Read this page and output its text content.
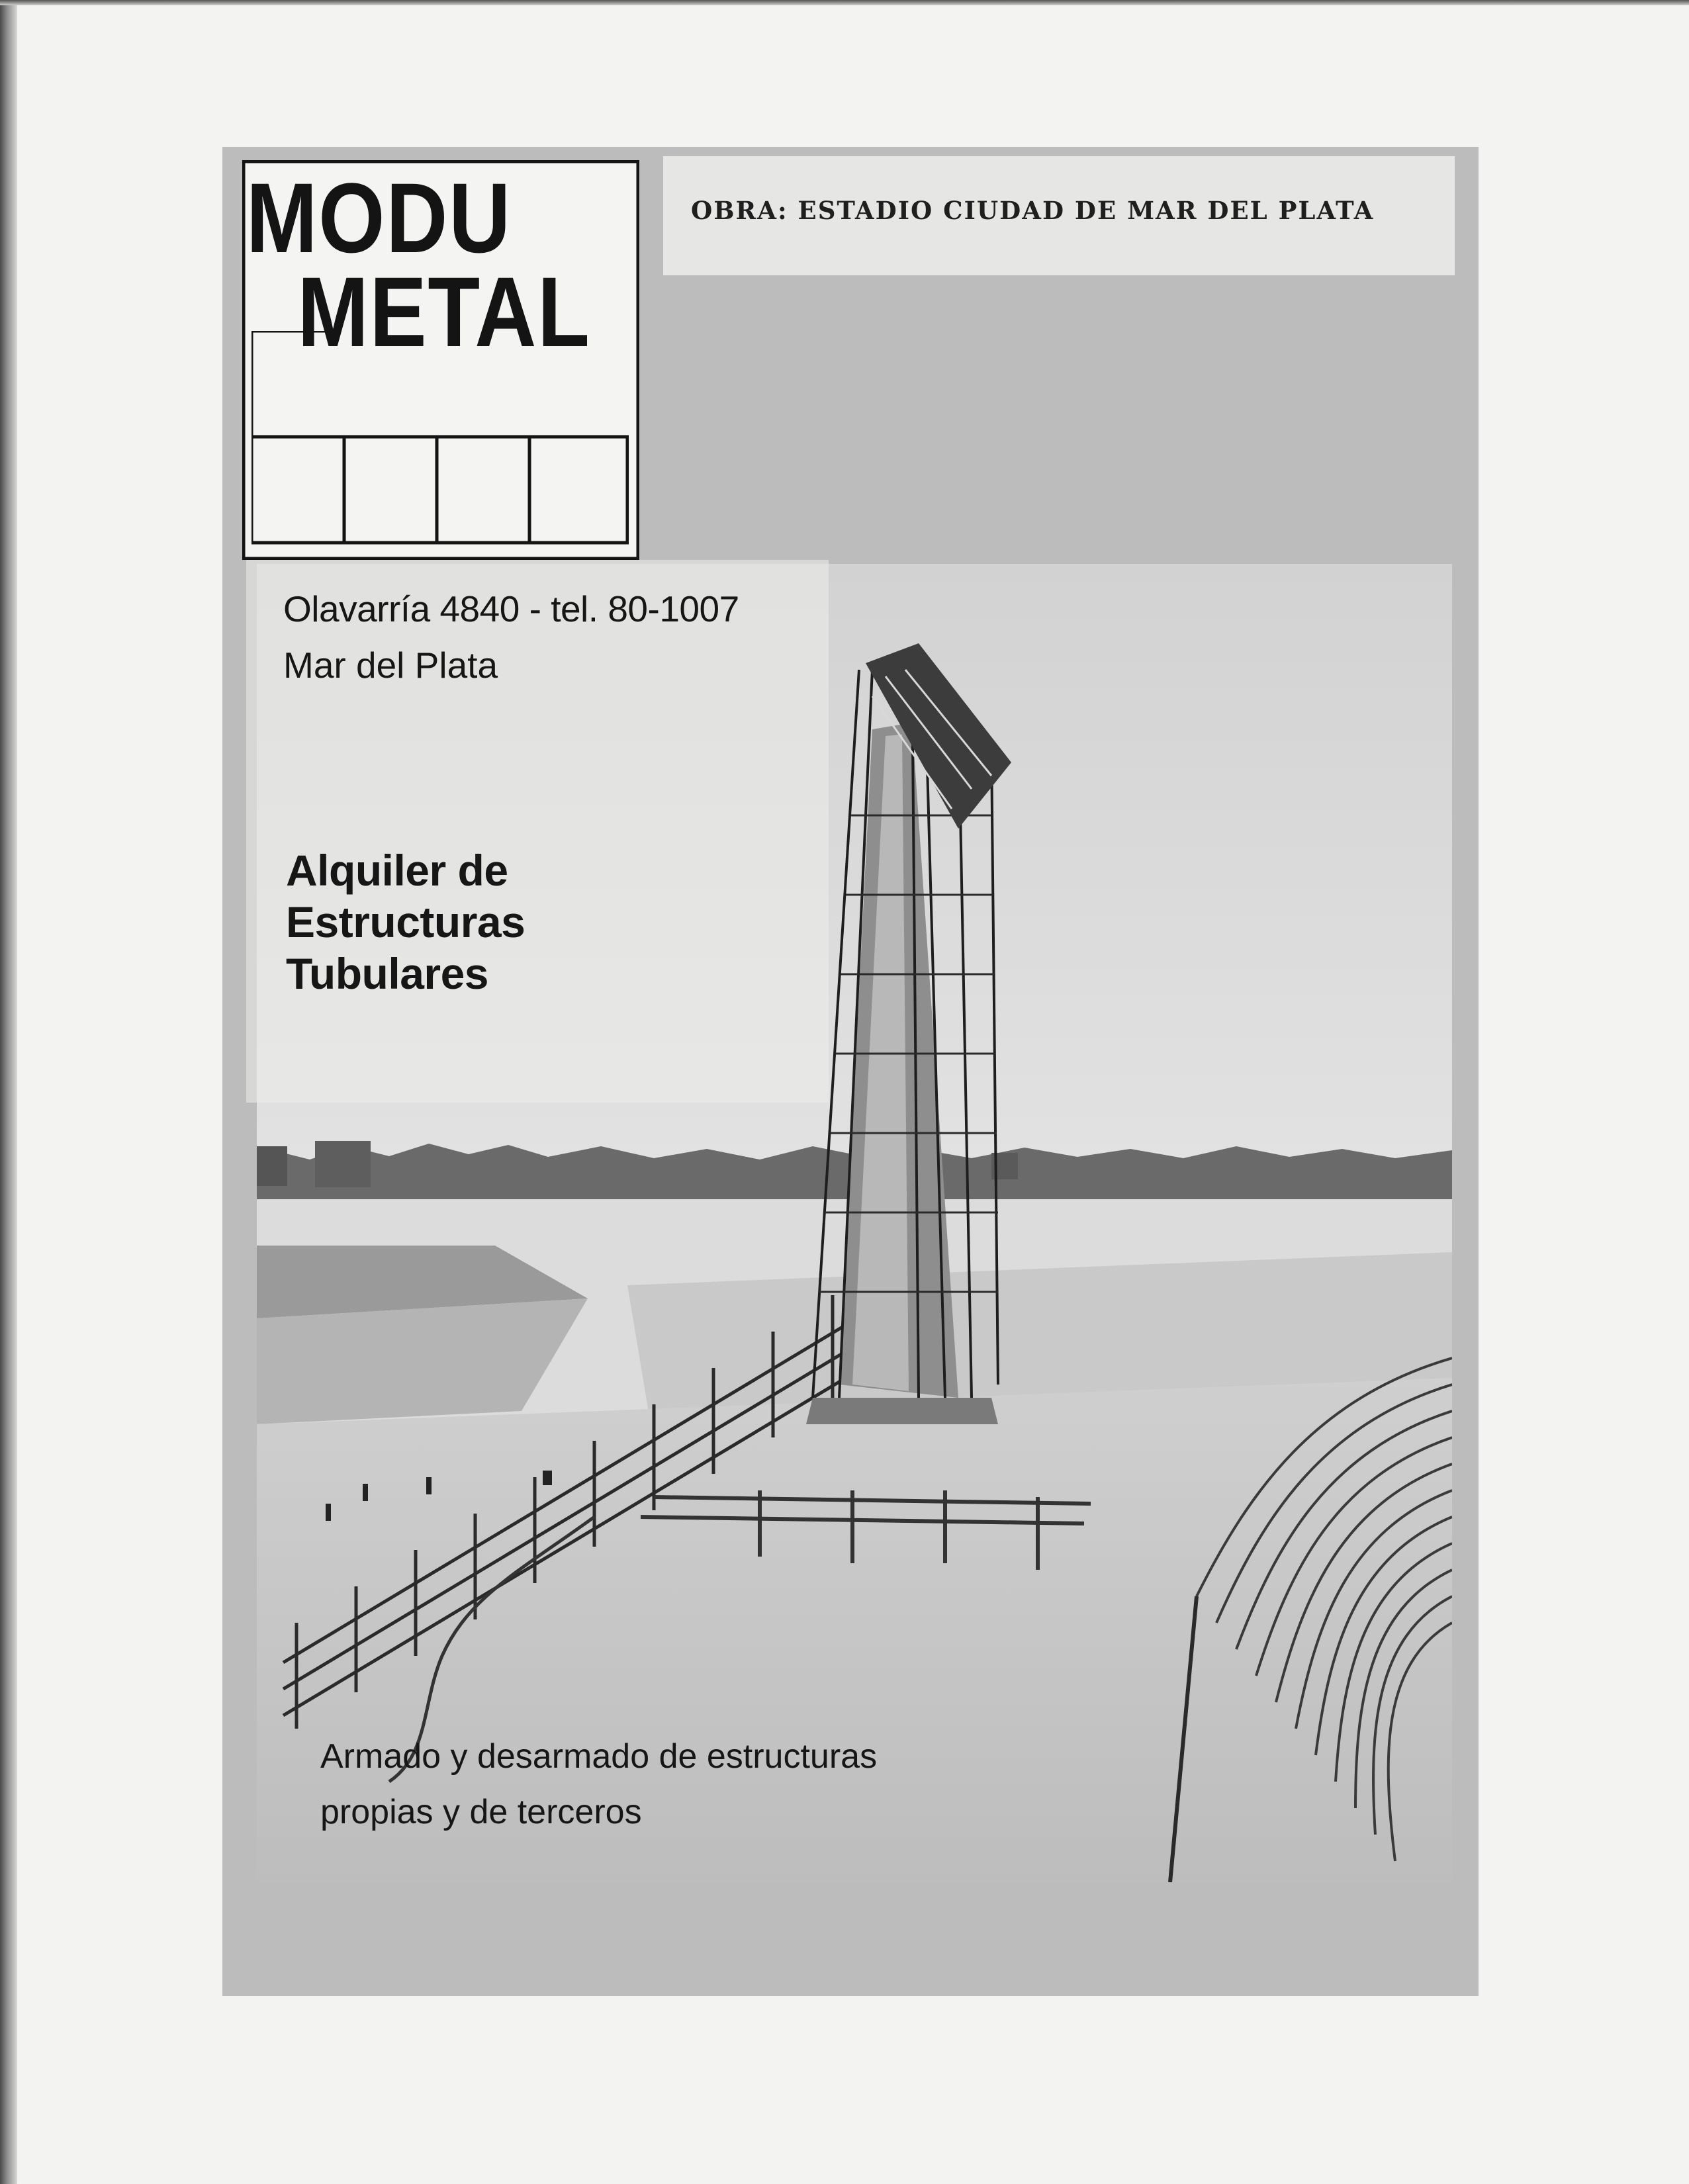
OBRA: ESTADIO CIUDAD DE MAR DEL PLATA
MODU
METAL
Olavarría 4840 - tel. 80-1007
Mar del Plata
Alquiler de
Estructuras
Tubulares
Armado y desarmado de estructuras
propias y de terceros
